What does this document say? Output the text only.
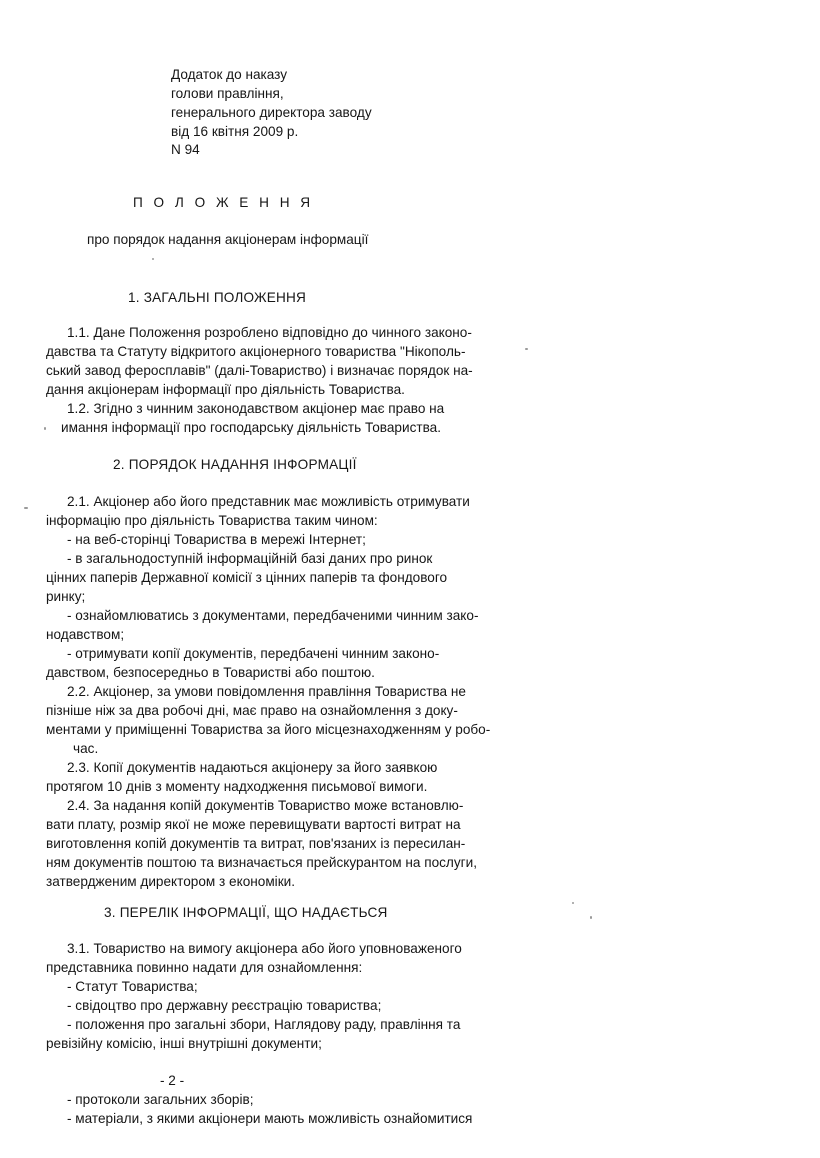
Додаток до наказу
голови правління,
генерального директора заводу
від 16 квітня 2009 р.
N 94
П О Л О Ж Е Н Н Я
про порядок надання акціонерам інформації
1. ЗАГАЛЬНІ ПОЛОЖЕННЯ
1.1. Дане Положення розроблено відповідно до чинного законо-
давства та Статуту відкритого акціонерного товариства "Нікополь-
ський завод феросплавів" (далі-Товариство) і визначає порядок на-
дання акціонерам інформації про діяльність Товариства.
1.2. Згідно з чинним законодавством акціонер має право на
имання інформації про господарську діяльність Товариства.
2. ПОРЯДОК НАДАННЯ ІНФОРМАЦІЇ
2.1. Акціонер або його представник має можливість отримувати
інформацію про діяльність Товариства таким чином:
- на веб-сторінці Товариства в мережі Інтернет;
- в загальнодоступній інформаційній базі даних про ринок
цінних паперів Державної комісії з цінних паперів та фондового
ринку;
- ознайомлюватись з документами, передбаченими чинним зако-
нодавством;
- отримувати копії документів, передбачені чинним законо-
давством, безпосередньо в Товаристві або поштою.
2.2. Акціонер, за умови повідомлення правління Товариства не
пізніше ніж за два робочі дні, має право на ознайомлення з доку-
ментами у приміщенні Товариства за його місцезнаходженням у робо-
час.
2.3. Копії документів надаються акціонеру за його заявкою
протягом 10 днів з моменту надходження письмової вимоги.
2.4. За надання копій документів Товариство може встановлю-
вати плату, розмір якої не може перевищувати вартості витрат на
виготовлення копій документів та витрат, пов'язаних із пересилан-
ням документів поштою та визначається прейскурантом на послуги,
затвердженим директором з економіки.
3. ПЕРЕЛІК ІНФОРМАЦІЇ, ЩО НАДАЄТЬСЯ
3.1. Товариство на вимогу акціонера або його уповноваженого
представника повинно надати для ознайомлення:
- Статут Товариства;
- свідоцтво про державну реєстрацію товариства;
- положення про загальні збори, Наглядову раду, правління та
ревізійну комісію, інші внутрішні документи;
- 2 -
- протоколи загальних зборів;
- матеріали, з якими акціонери мають можливість ознайомитися
